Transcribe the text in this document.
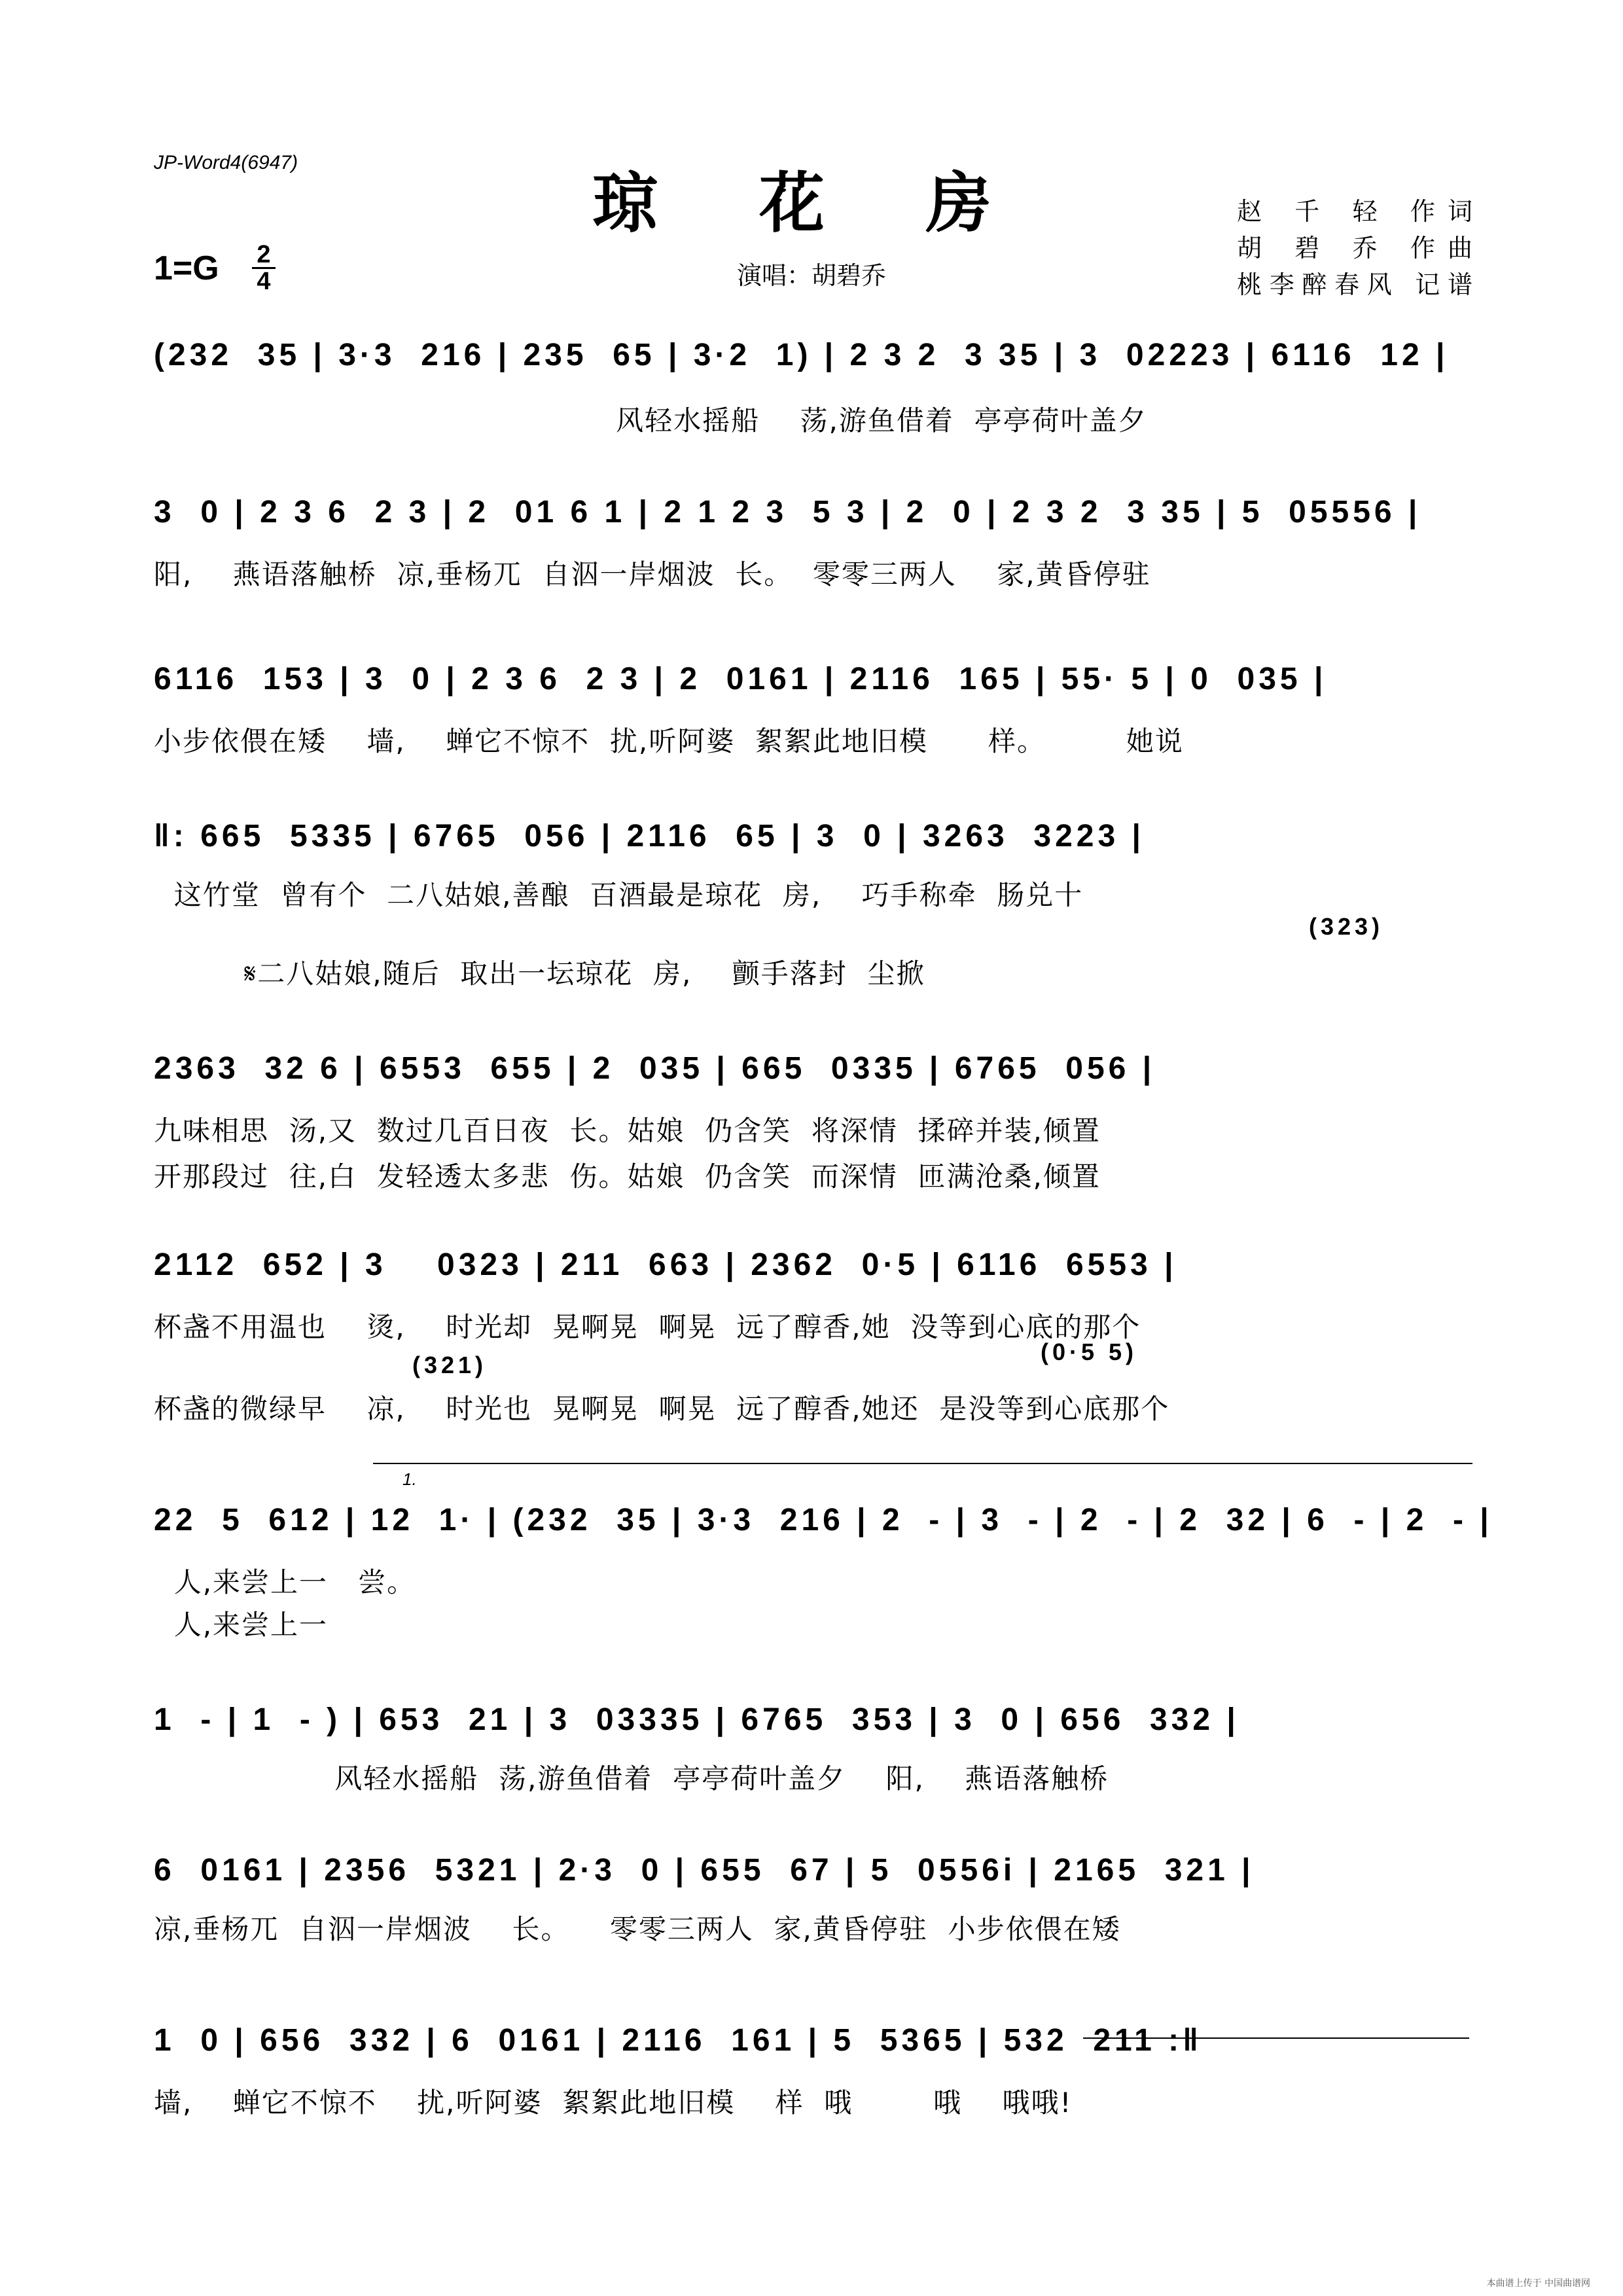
JP-Word4(6947)
琼 花 房	赵 千 轻 作词
胡 碧 乔 作曲
桃李醉春风 记谱
1=G 2
4	演唱：胡碧乔
(232  35 | 3·3  216 | 235  65 | 3·2  1) | 2 3 2  3 35 | 3  02223 | 6116  12 |
风轻水摇船    荡,游鱼借着  亭亭荷叶盖夕
3  0 | 2 3 6  2 3 | 2  01 6 1 | 2 1 2 3  5 3 | 2  0 | 2 3 2  3 35 | 5  05556 |
阳,    燕语落触桥  凉,垂杨兀  自泅一岸烟波  长。  零零三两人    家,黄昏停驻
6116  153 | 3  0 | 2 3 6  2 3 | 2  0161 | 2116  165 | 55· 5 | 0  035 |
小步依偎在矮    墙,    蝉它不惊不  扰,听阿婆  絮絮此地旧模      样。        她说
‖: 665  5335 | 6765  056 | 2116  65 | 3  0 | 3263  3223 |
这竹堂  曾有个  二八姑娘,善酿  百酒最是琼花  房,    巧手称牵  肠兑十
(323)
𝄋二八姑娘,随后  取出一坛琼花  房,    颤手落封  尘掀
2363  32 6 | 6553  655 | 2  035 | 665  0335 | 6765  056 |
九味相思  汤,又  数过几百日夜  长。姑娘  仍含笑  将深情  揉碎并装,倾置
开那段过  往,白  发轻透太多悲  伤。姑娘  仍含笑  而深情  匝满沧桑,倾置
2112  652 | 3    0323 | 211  663 | 2362  0·5 | 6116  6553 |
杯盏不用温也    烫,    时光却  晃啊晃  啊晃  远了醇香,她  没等到心底的那个
(321)	(0·5 5)
杯盏的微绿早    凉,    时光也  晃啊晃  啊晃  远了醇香,她还  是没等到心底那个
1.
22  5  612 | 12  1· | (232  35 | 3·3  216 | 2  - | 3  - | 2  - | 2  32 | 6  - | 2  - |
人,来尝上一   尝。
人,来尝上一
1  - | 1  - ) | 653  21 | 3  03335 | 6765  353 | 3  0 | 656  332 |
风轻水摇船  荡,游鱼借着  亭亭荷叶盖夕    阳,    燕语落触桥
6  0161 | 2356  5321 | 2·3  0 | 655  67 | 5  0556i | 2165  321 |
凉,垂杨兀  自泅一岸烟波    长。    零零三两人  家,黄昏停驻  小步依偎在矮
1  0 | 656  332 | 6  0161 | 2116  161 | 5  5365 | 532  211 :‖
墙,    蝉它不惊不    扰,听阿婆  絮絮此地旧模    样  哦        哦    哦哦!
本曲谱上传于 中国曲谱网
